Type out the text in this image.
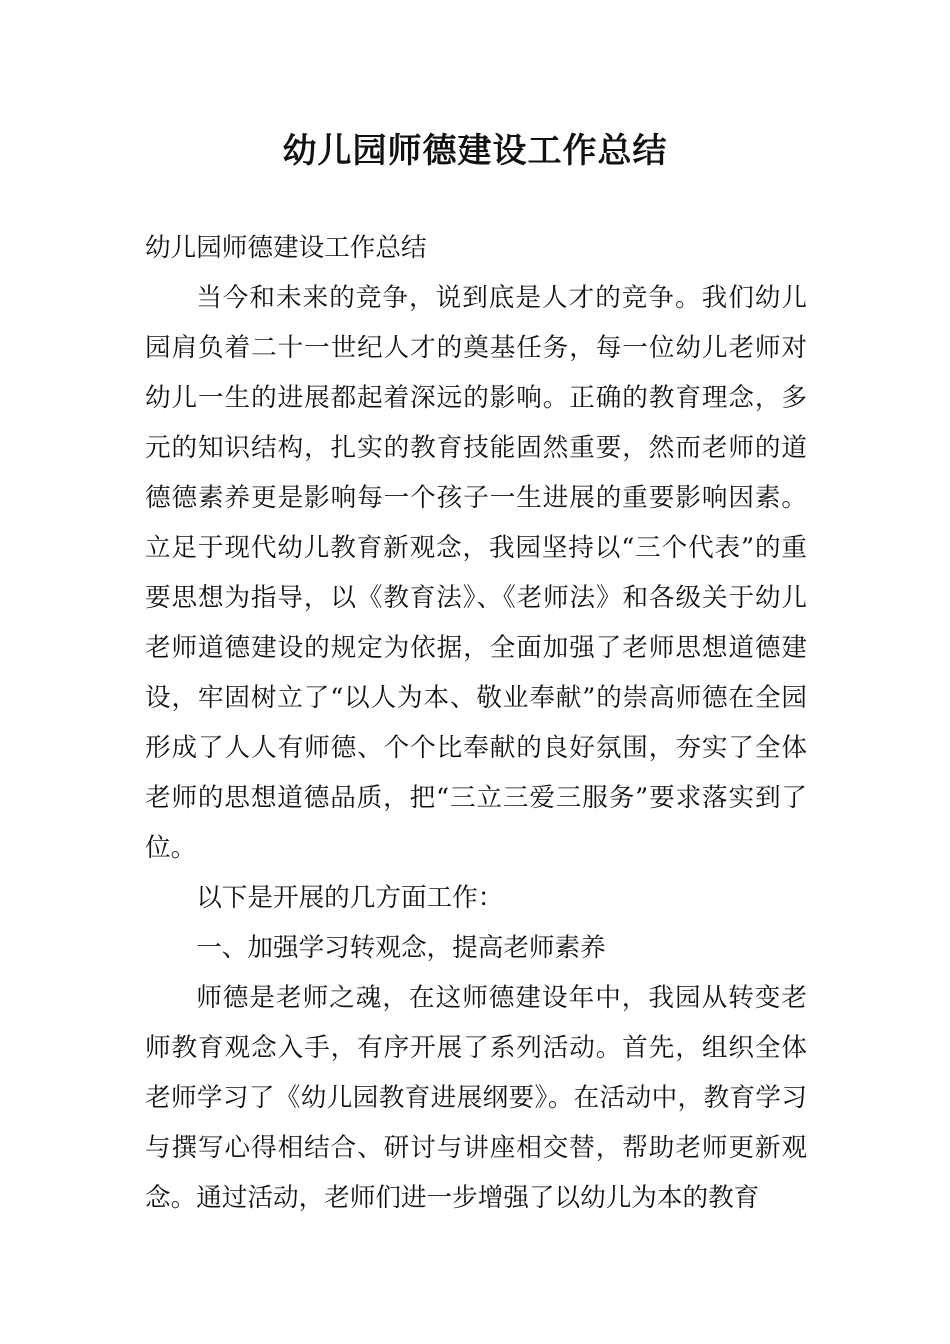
幼儿园师德建设工作总结

幼儿园师德建设工作总结

当今和未来的竞争，说到底是人才的竞争。我们幼儿园肩负着二十一世纪人才的奠基任务，每一位幼儿老师对幼儿一生的进展都起着深远的影响。正确的教育理念，多元的知识结构，扎实的教育技能固然重要，然而老师的道德德素养更是影响每一个孩子一生进展的重要影响因素。立足于现代幼儿教育新观念，我园坚持以“三个代表”的重要思想为指导，以《教育法》、《老师法》和各级关于幼儿老师道德建设的规定为依据，全面加强了老师思想道德建设，牢固树立了“以人为本、敬业奉献”的崇高师德在全园形成了人人有师德、个个比奉献的良好氛围，夯实了全体老师的思想道德品质，把“三立三爱三服务”要求落实到了位。

以下是开展的几方面工作：

一、加强学习转观念，提高老师素养

师德是老师之魂，在这师德建设年中，我园从转变老师教育观念入手，有序开展了系列活动。首先，组织全体老师学习了《幼儿园教育进展纲要》。在活动中，教育学习与撰写心得相结合、研讨与讲座相交替，帮助老师更新观念。通过活动，老师们进一步增强了以幼儿为本的教育
